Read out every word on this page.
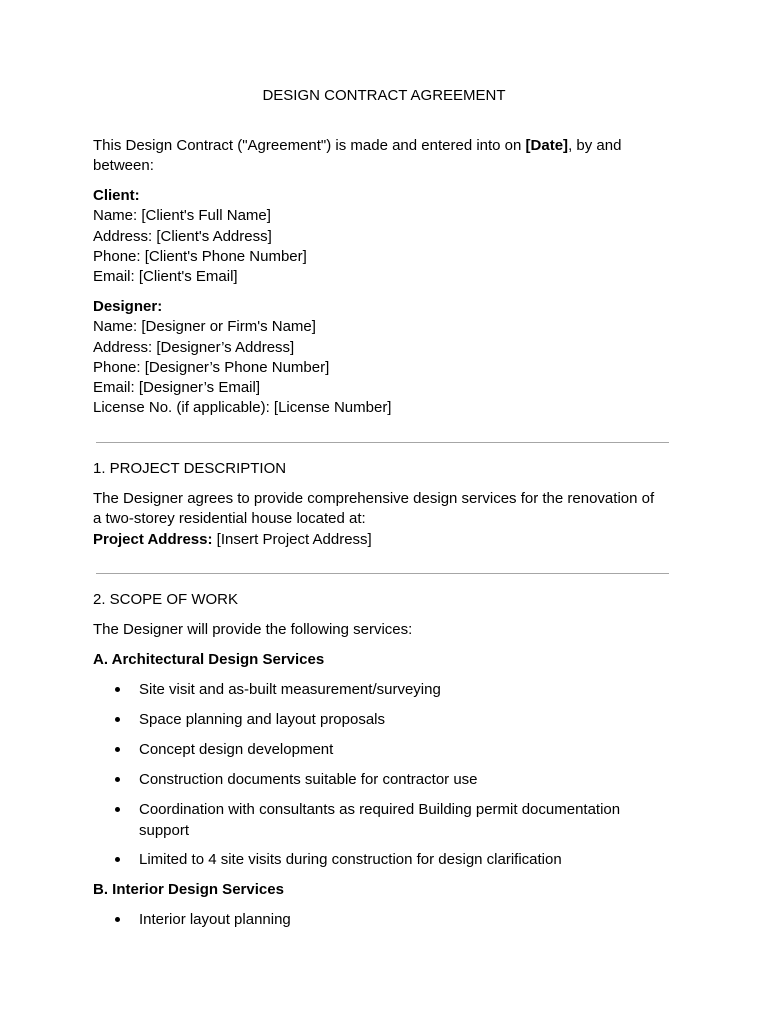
DESIGN CONTRACT AGREEMENT
This Design Contract ("Agreement") is made and entered into on [Date], by and
between:
Client:
Name: [Client's Full Name]
Address: [Client's Address]
Phone: [Client's Phone Number]
Email: [Client's Email]
Designer:
Name: [Designer or Firm's Name]
Address: [Designer’s Address]
Phone: [Designer’s Phone Number]
Email: [Designer’s Email]
License No. (if applicable): [License Number]
1. PROJECT DESCRIPTION
The Designer agrees to provide comprehensive design services for the renovation of
a two-storey residential house located at:
Project Address: [Insert Project Address]
2. SCOPE OF WORK
The Designer will provide the following services:
A. Architectural Design Services
Site visit and as-built measurement/surveying
Space planning and layout proposals
Concept design development
Construction documents suitable for contractor use
Coordination with consultants as required Building permit documentation
support
Limited to 4 site visits during construction for design clarification
B. Interior Design Services
Interior layout planning
